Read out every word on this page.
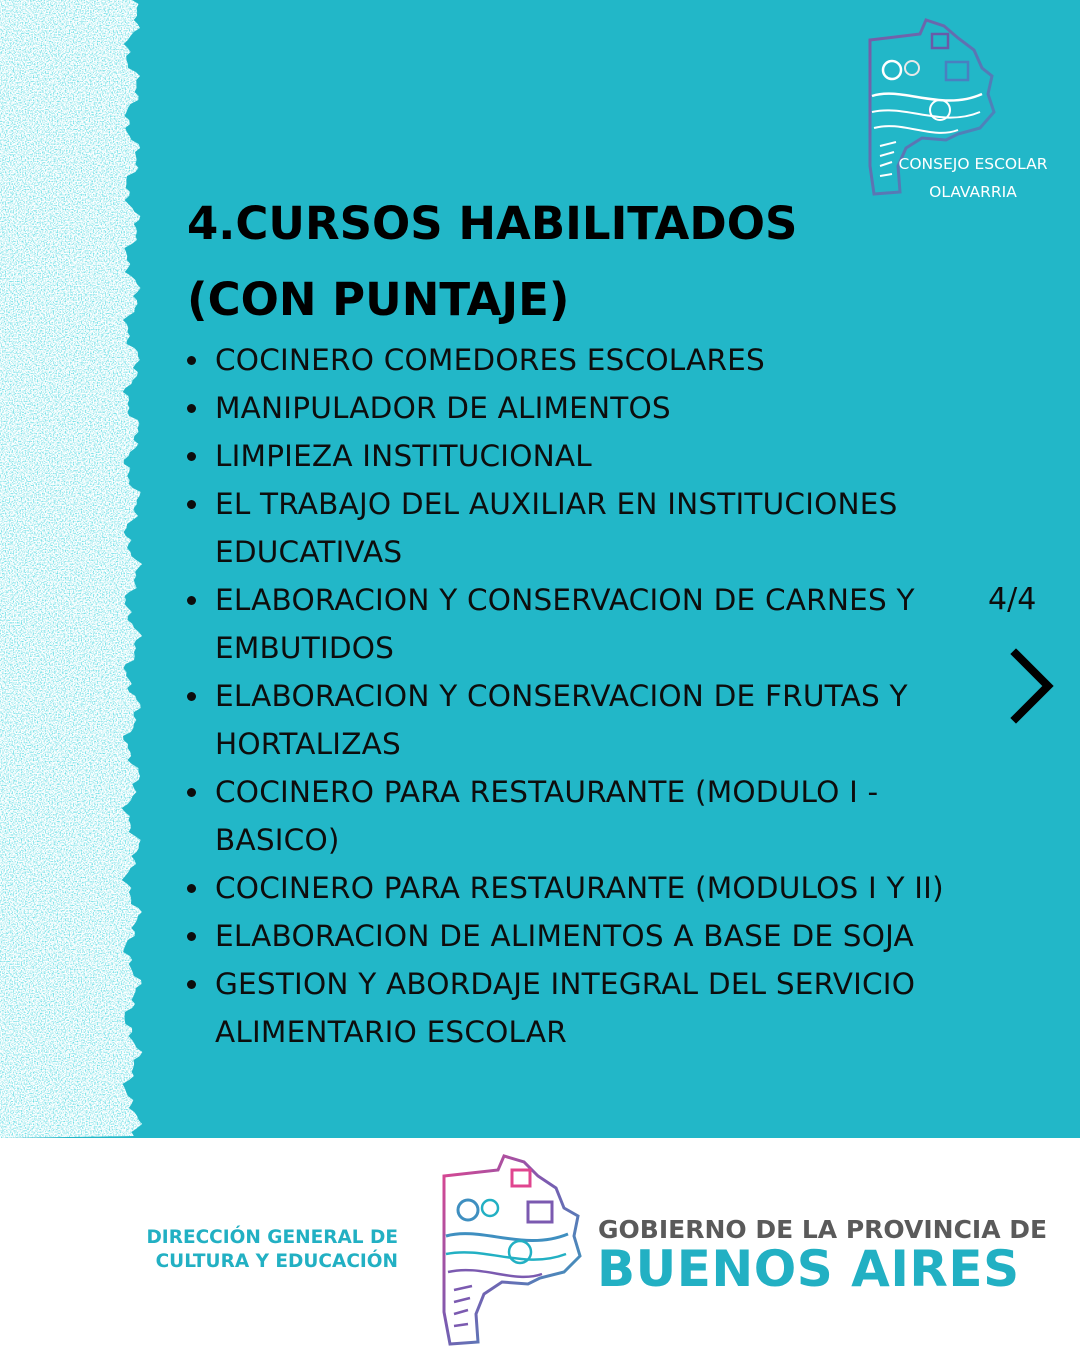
CONSEJO ESCOLAR
OLAVARRIA
4.CURSOS HABILITADOS
(CON PUNTAJE)
COCINERO COMEDORES ESCOLARES
MANIPULADOR DE ALIMENTOS
LIMPIEZA INSTITUCIONAL
EL TRABAJO DEL AUXILIAR EN INSTITUCIONES EDUCATIVAS
ELABORACION Y CONSERVACION DE CARNES Y EMBUTIDOS
ELABORACION Y CONSERVACION DE FRUTAS Y HORTALIZAS
COCINERO PARA RESTAURANTE (MODULO I - BASICO)
COCINERO PARA RESTAURANTE (MODULOS I Y II)
ELABORACION DE ALIMENTOS A BASE DE SOJA
GESTION Y ABORDAJE INTEGRAL DEL SERVICIO ALIMENTARIO ESCOLAR
4/4
DIRECCIÓN GENERAL DE
CULTURA Y EDUCACIÓN
GOBIERNO DE LA PROVINCIA DE
BUENOS AIRES
